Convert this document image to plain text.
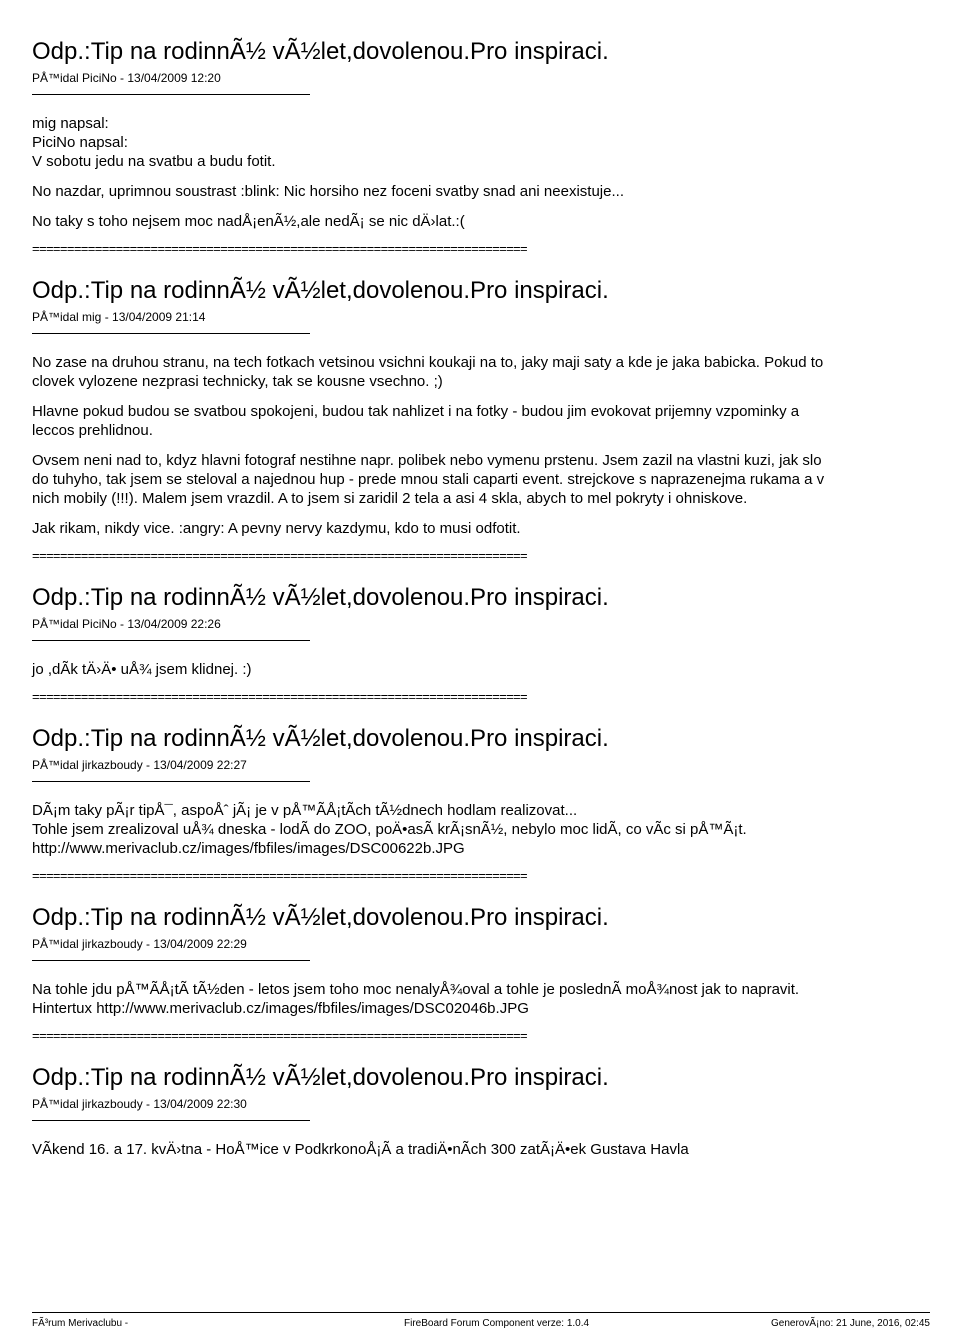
Odp.:Tip na rodinnÃ½ vÃ½let,dovolenou.Pro inspiraci.
PÅ™idal PiciNo - 13/04/2009 12:20

mig napsal:
PiciNo napsal:
V sobotu jedu na svatbu a budu fotit.

No nazdar, uprimnou soustrast :blink: Nic horsiho nez foceni svatby snad ani neexistuje...

No taky s toho nejsem moc nadÅ¡enÃ½,ale nedÃ¡ se nic dÄ›lat.:(

=======================================================================
Odp.:Tip na rodinnÃ½ vÃ½let,dovolenou.Pro inspiraci.
PÅ™idal mig - 13/04/2009 21:14

No zase na druhou stranu, na tech fotkach vetsinou vsichni koukaji na to, jaky maji saty a kde je jaka babicka. Pokud to
clovek vylozene nezprasi technicky, tak se kousne vsechno. ;)

Hlavne pokud budou se svatbou spokojeni, budou tak nahlizet i na fotky - budou jim evokovat prijemny vzpominky a
leccos prehlidnou.

Ovsem neni nad to, kdyz hlavni fotograf nestihne napr. polibek nebo vymenu prstenu. Jsem zazil na vlastni kuzi, jak slo
do tuhyho, tak jsem se steloval a najednou hup - prede mnou stali caparti event. strejckove s naprazenejma rukama a v
nich mobily (!!!). Malem jsem vrazdil. A to jsem si zaridil 2 tela a asi 4 skla, abych to mel pokryty i ohniskove.

Jak rikam, nikdy vice. :angry: A pevny nervy kazdymu, kdo to musi odfotit.

=======================================================================
Odp.:Tip na rodinnÃ½ vÃ½let,dovolenou.Pro inspiraci.
PÅ™idal PiciNo - 13/04/2009 22:26

jo ,dÃk tÄ›Ä• uÅ¾ jsem klidnej. :)

=======================================================================
Odp.:Tip na rodinnÃ½ vÃ½let,dovolenou.Pro inspiraci.
PÅ™idal jirkazboudy - 13/04/2009 22:27

DÃ¡m taky pÃ¡r tipÅ¯, aspoÅˆ jÃ¡ je v pÅ™ÃÅ¡tÃch tÃ½dnech hodlam realizovat...
Tohle jsem zrealizoval uÅ¾ dneska - lodÃ do ZOO, poÄ•asÃ krÃ¡snÃ½, nebylo moc lidÃ, co vÃc si pÅ™Ã¡t.
http://www.merivaclub.cz/images/fbfiles/images/DSC00622b.JPG

=======================================================================
Odp.:Tip na rodinnÃ½ vÃ½let,dovolenou.Pro inspiraci.
PÅ™idal jirkazboudy - 13/04/2009 22:29

Na tohle jdu pÅ™ÃÅ¡tÃ tÃ½den - letos jsem toho moc nenalyÅ¾oval a tohle je poslednÃ moÅ¾nost jak to napravit.
Hintertux http://www.merivaclub.cz/images/fbfiles/images/DSC02046b.JPG

=======================================================================
Odp.:Tip na rodinnÃ½ vÃ½let,dovolenou.Pro inspiraci.
PÅ™idal jirkazboudy - 13/04/2009 22:30

VÃkend 16. a 17. kvÄ›tna - HoÅ™ice v PodkrkonoÅ¡Ã a tradiÄ•nÃch 300 zatÃ¡Ä•ek Gustava Havla

FÃ³rum Merivaclubu -	FireBoard Forum Component verze: 1.0.4	GenerovÃ¡no: 21 June, 2016, 02:45
